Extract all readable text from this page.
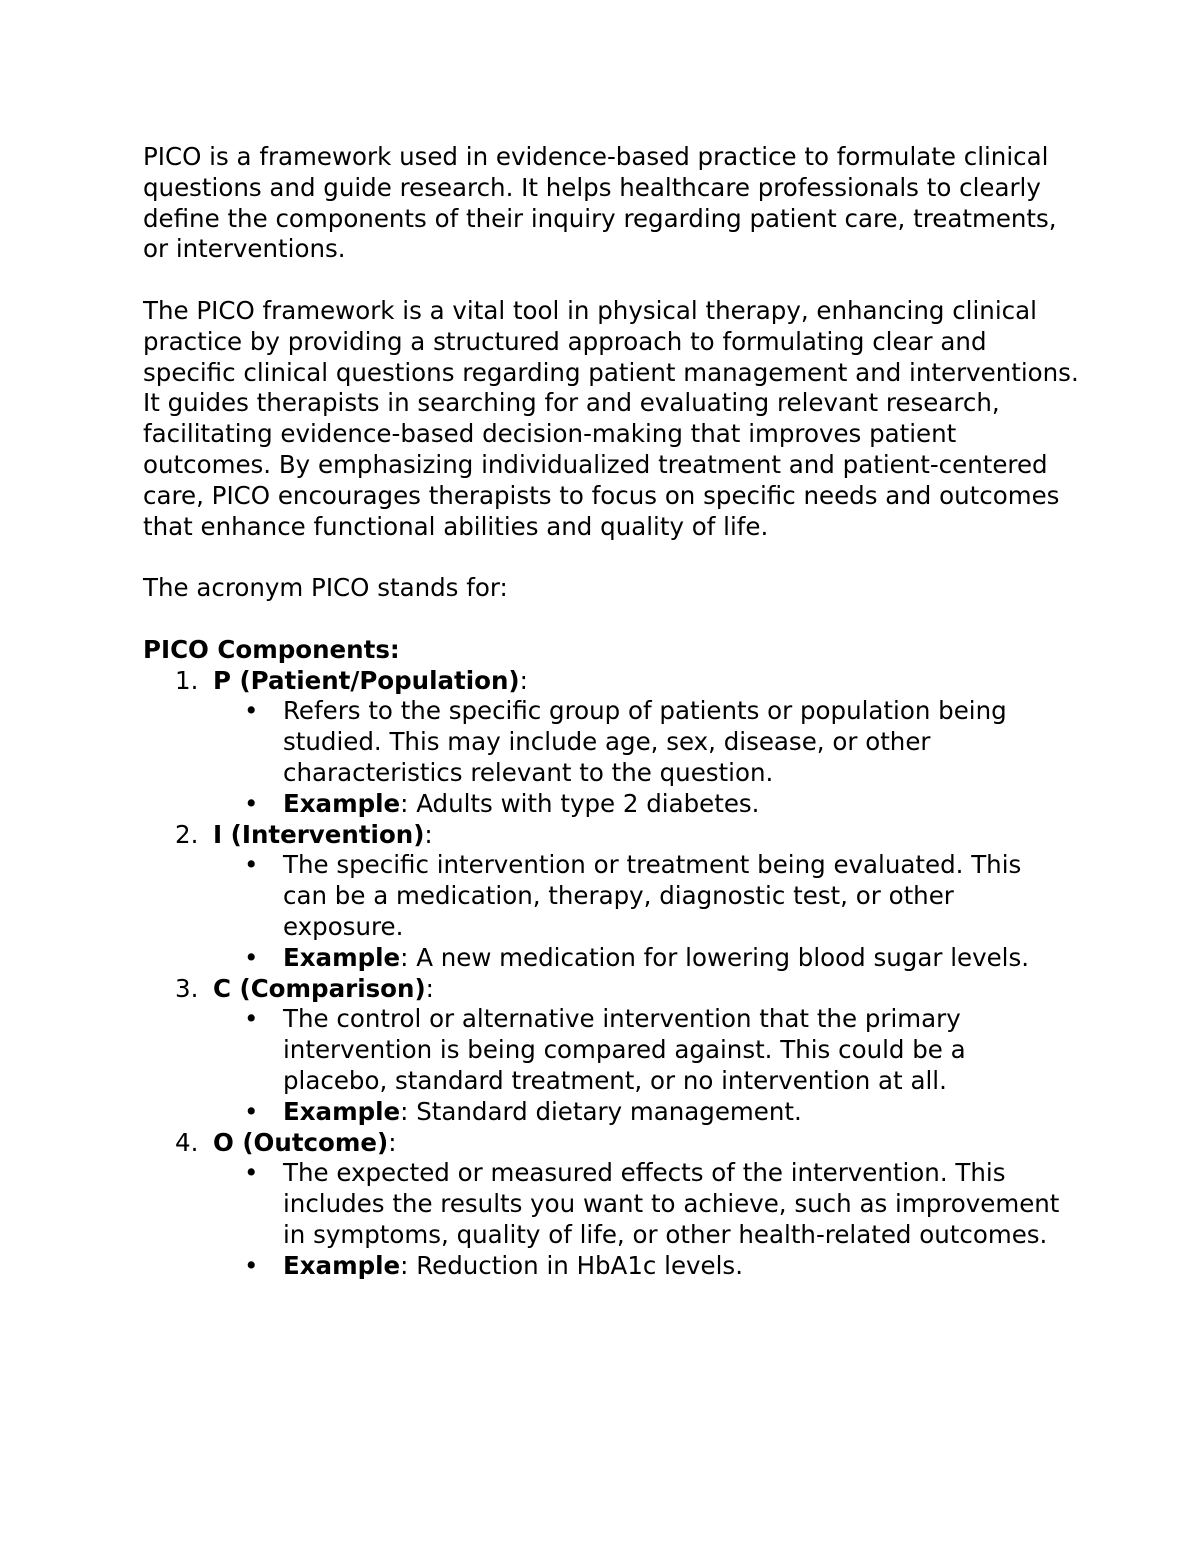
PICO is a framework used in evidence-based practice to formulate clinical questions and guide research. It helps healthcare professionals to clearly define the components of their inquiry regarding patient care, treatments, or interventions.

The PICO framework is a vital tool in physical therapy, enhancing clinical practice by providing a structured approach to formulating clear and specific clinical questions regarding patient management and interventions. It guides therapists in searching for and evaluating relevant research, facilitating evidence-based decision-making that improves patient outcomes. By emphasizing individualized treatment and patient-centered care, PICO encourages therapists to focus on specific needs and outcomes that enhance functional abilities and quality of life.

The acronym PICO stands for:

PICO Components:

1. P (Patient/Population):
• Refers to the specific group of patients or population being studied. This may include age, sex, disease, or other characteristics relevant to the question.
• Example: Adults with type 2 diabetes.
2. I (Intervention):
• The specific intervention or treatment being evaluated. This can be a medication, therapy, diagnostic test, or other exposure.
• Example: A new medication for lowering blood sugar levels.
3. C (Comparison):
• The control or alternative intervention that the primary intervention is being compared against. This could be a placebo, standard treatment, or no intervention at all.
• Example: Standard dietary management.
4. O (Outcome):
• The expected or measured effects of the intervention. This includes the results you want to achieve, such as improvement in symptoms, quality of life, or other health-related outcomes.
• Example: Reduction in HbA1c levels.
